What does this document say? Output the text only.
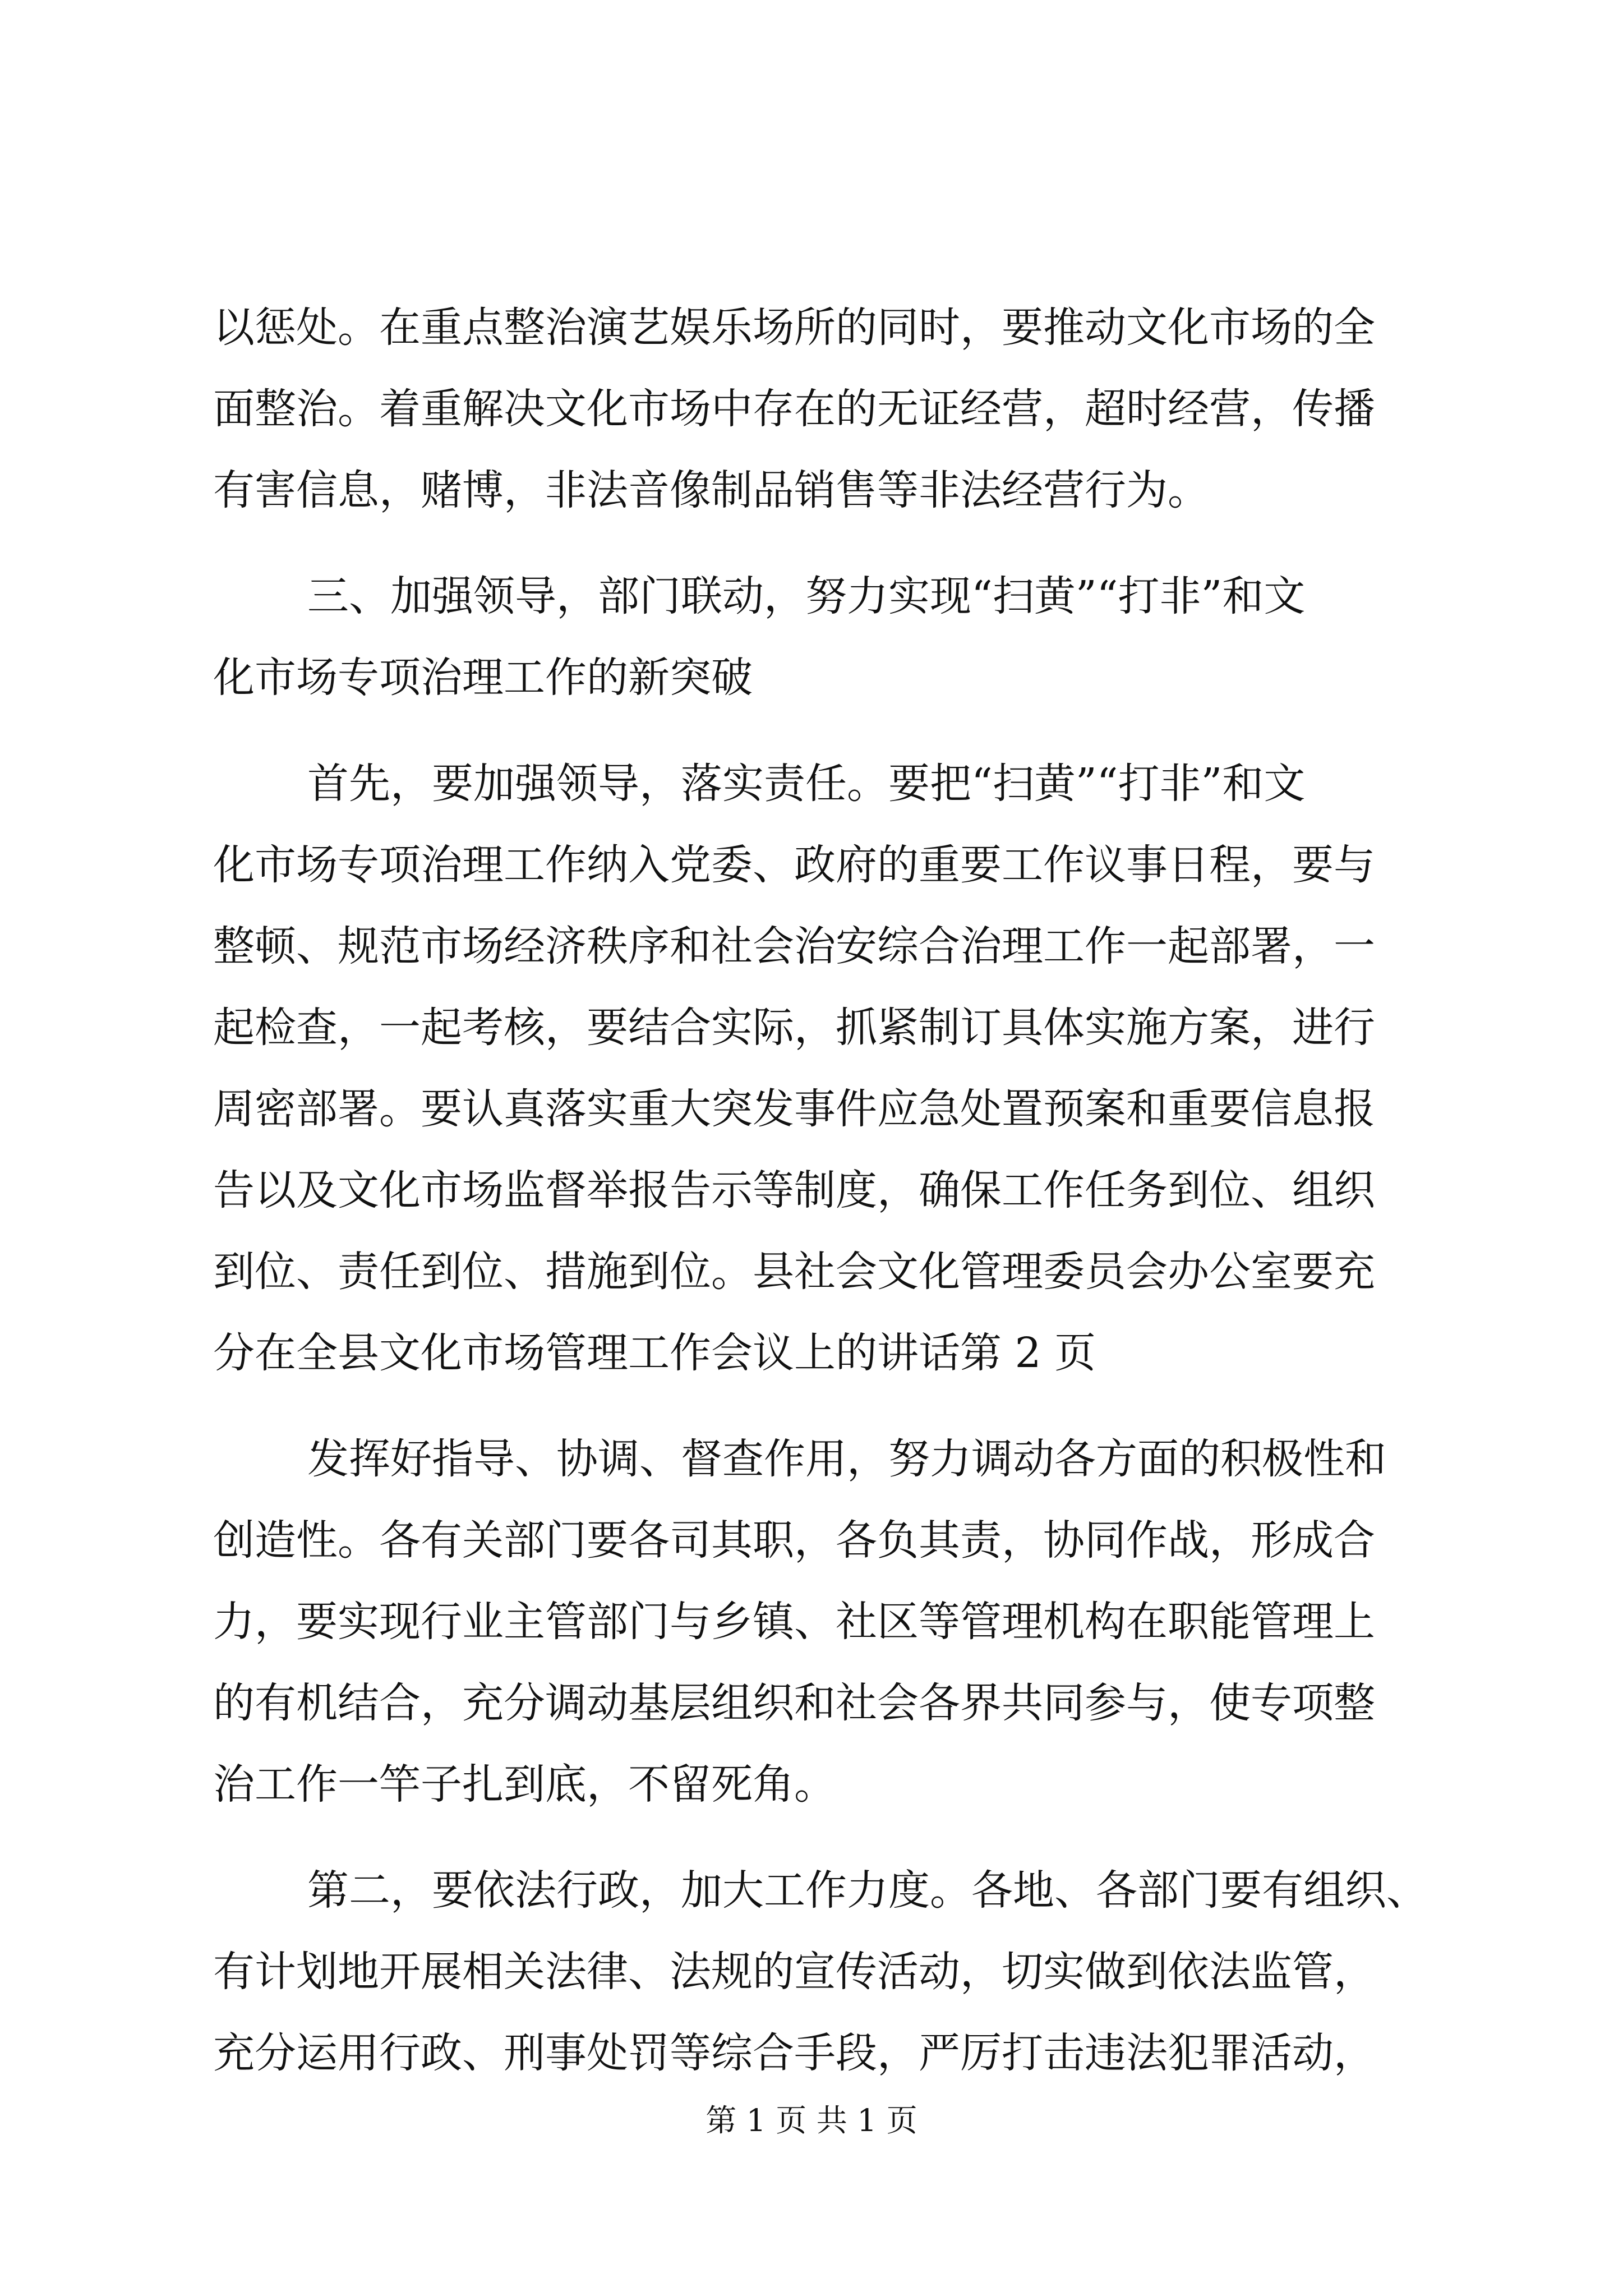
以惩处。在重点整治演艺娱乐场所的同时，要推动文化市场的全
面整治。着重解决文化市场中存在的无证经营，超时经营，传播
有害信息，赌博，非法音像制品销售等非法经营行为。
三、加强领导，部门联动，努力实现“扫黄”“打非”和文
化市场专项治理工作的新突破
首先，要加强领导，落实责任。要把“扫黄”“打非”和文
化市场专项治理工作纳入党委、政府的重要工作议事日程，要与
整顿、规范市场经济秩序和社会治安综合治理工作一起部署，一
起检查，一起考核，要结合实际，抓紧制订具体实施方案，进行
周密部署。要认真落实重大突发事件应急处置预案和重要信息报
告以及文化市场监督举报告示等制度，确保工作任务到位、组织
到位、责任到位、措施到位。县社会文化管理委员会办公室要充
分在全县文化市场管理工作会议上的讲话第 2 页
发挥好指导、协调、督查作用，努力调动各方面的积极性和
创造性。各有关部门要各司其职，各负其责，协同作战，形成合
力，要实现行业主管部门与乡镇、社区等管理机构在职能管理上
的有机结合，充分调动基层组织和社会各界共同参与，使专项整
治工作一竿子扎到底，不留死角。
第二，要依法行政，加大工作力度。各地、各部门要有组织、
有计划地开展相关法律、法规的宣传活动，切实做到依法监管，
充分运用行政、刑事处罚等综合手段，严厉打击违法犯罪活动，
第 1 页 共 1 页
